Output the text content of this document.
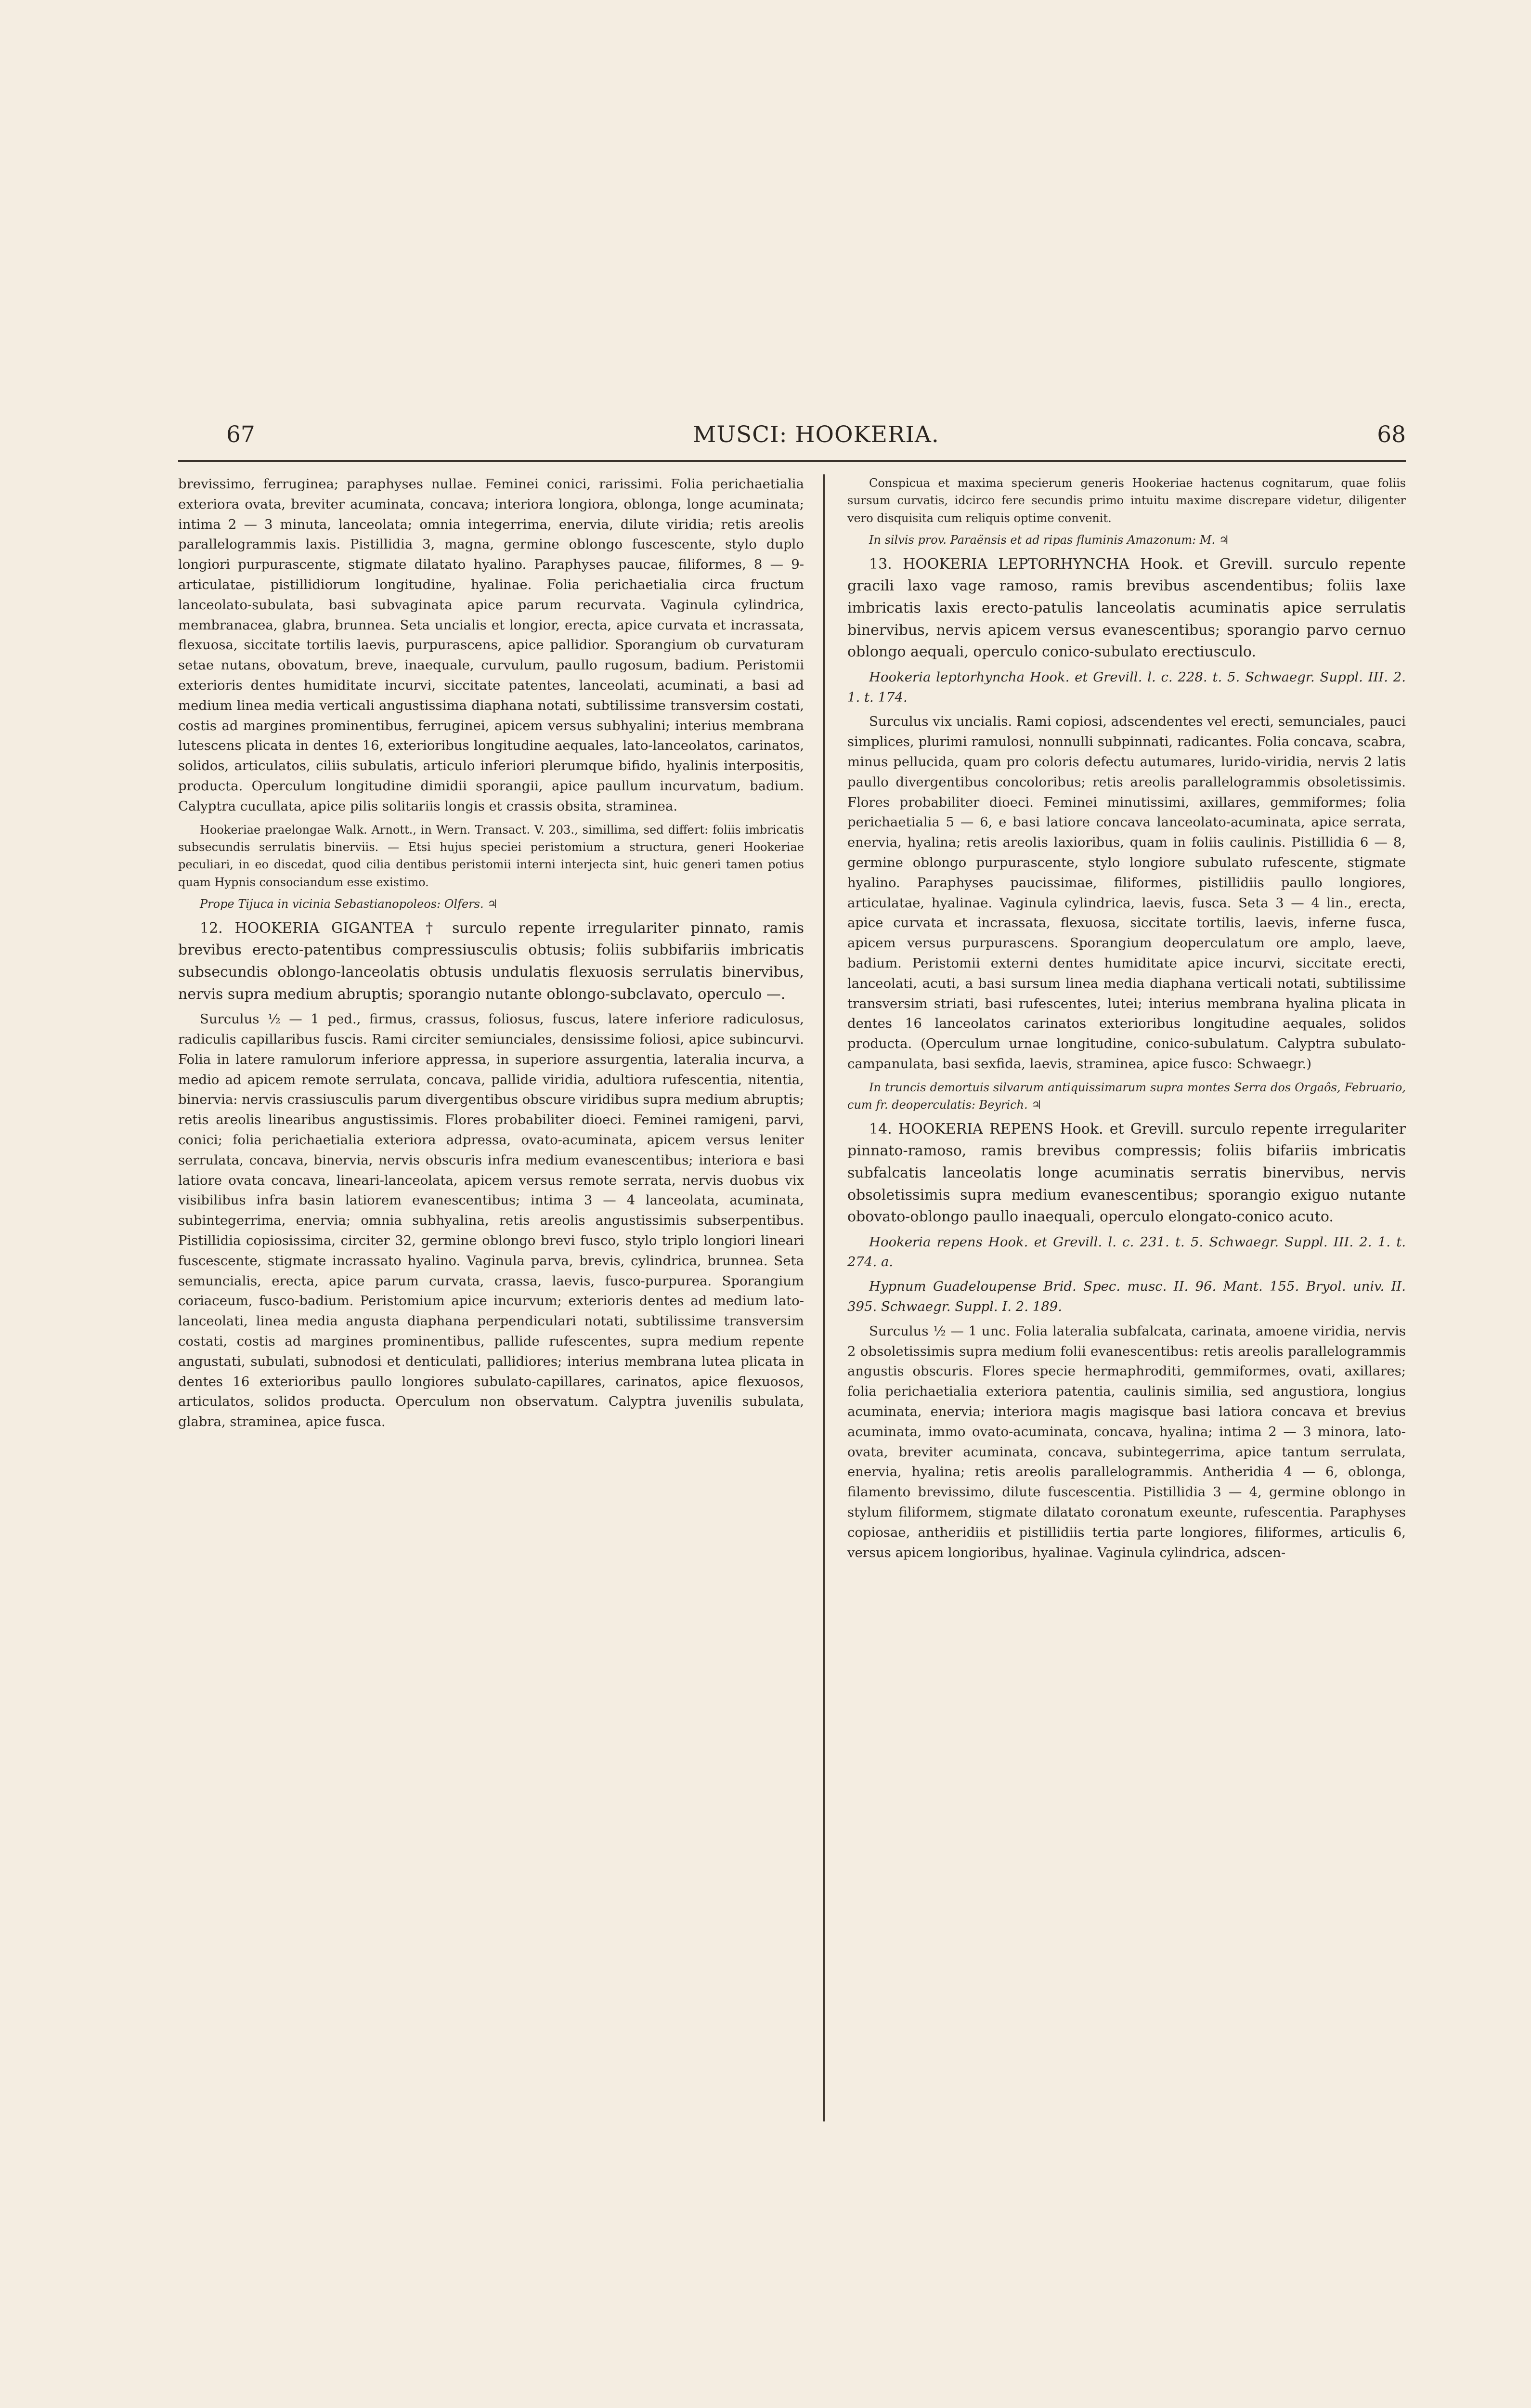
67	MUSCI: HOOKERIA.	68

brevissimo, ferruginea; paraphyses nullae. Feminei conici, rarissimi. Folia perichaetialia exteriora ovata, breviter acuminata, concava; interiora longiora, oblonga, longe acuminata; intima 2 — 3 minuta, lanceolata; omnia integerrima, enervia, dilute viridia; retis areolis parallelogrammis laxis. Pistillidia 3, magna, germine oblongo fuscescente, stylo duplo longiori purpurascente, stigmate dilatato hyalino. Paraphyses paucae, filiformes, 8 — 9-articulatae, pistillidiorum longitudine, hyalinae. Folia perichaetialia circa fructum lanceolato-subulata, basi subvaginata apice parum recurvata. Vaginula cylindrica, membranacea, glabra, brunnea. Seta uncialis et longior, erecta, apice curvata et incrassata, flexuosa, siccitate tortilis laevis, purpurascens, apice pallidior. Sporangium ob curvaturam setae nutans, obovatum, breve, inaequale, curvulum, paullo rugosum, badium. Peristomii exterioris dentes humiditate incurvi, siccitate patentes, lanceolati, acuminati, a basi ad medium linea media verticali angustissima diaphana notati, subtilissime transversim costati, costis ad margines prominentibus, ferruginei, apicem versus subhyalini; interius membrana lutescens plicata in dentes 16, exterioribus longitudine aequales, lato-lanceolatos, carinatos, solidos, articulatos, ciliis subulatis, articulo inferiori plerumque bifido, hyalinis interpositis, producta. Operculum longitudine dimidii sporangii, apice paullum incurvatum, badium. Calyptra cucullata, apice pilis solitariis longis et crassis obsita, straminea.

Hookeriae praelongae Walk. Arnott., in Wern. Transact. V. 203., simillima, sed differt: foliis imbricatis subsecundis serrulatis binerviis. — Etsi hujus speciei peristomium a structura, generi Hookeriae peculiari, in eo discedat, quod cilia dentibus peristomii interni interjecta sint, huic generi tamen potius quam Hypnis consociandum esse existimo.

Prope Tijuca in vicinia Sebastianopoleos: Olfers. ♃

12. HOOKERIA GIGANTEA † surculo repente irregulariter pinnato, ramis brevibus erecto-patentibus compressiusculis obtusis; foliis subbifariis imbricatis subsecundis oblongo-lanceolatis obtusis undulatis flexuosis serrulatis binervibus, nervis supra medium abruptis; sporangio nutante oblongo-subclavato, operculo —.

Surculus ½ — 1 ped., firmus, crassus, foliosus, fuscus, latere inferiore radiculosus, radiculis capillaribus fuscis. Rami circiter semiunciales, densissime foliosi, apice subincurvi. Folia in latere ramulorum inferiore appressa, in superiore assurgentia, lateralia incurva, a medio ad apicem remote serrulata, concava, pallide viridia, adultiora rufescentia, nitentia, binervia: nervis crassiusculis parum divergentibus obscure viridibus supra medium abruptis; retis areolis linearibus angustissimis. Flores probabiliter dioeci. Feminei ramigeni, parvi, conici; folia perichaetialia exteriora adpressa, ovato-acuminata, apicem versus leniter serrulata, concava, binervia, nervis obscuris infra medium evanescentibus; interiora e basi latiore ovata concava, lineari-lanceolata, apicem versus remote serrata, nervis duobus vix visibilibus infra basin latiorem evanescentibus; intima 3 — 4 lanceolata, acuminata, subintegerrima, enervia; omnia subhyalina, retis areolis angustissimis subserpentibus. Pistillidia copiosissima, circiter 32, germine oblongo brevi fusco, stylo triplo longiori lineari fuscescente, stigmate incrassato hyalino. Vaginula parva, brevis, cylindrica, brunnea. Seta semuncialis, erecta, apice parum curvata, crassa, laevis, fusco-purpurea. Sporangium coriaceum, fusco-badium. Peristomium apice incurvum; exterioris dentes ad medium lato-lanceolati, linea media angusta diaphana perpendiculari notati, subtilissime transversim costati, costis ad margines prominentibus, pallide rufescentes, supra medium repente angustati, subulati, subnodosi et denticulati, pallidiores; interius membrana lutea plicata in dentes 16 exterioribus paullo longiores subulato-capillares, carinatos, apice flexuosos, articulatos, solidos producta. Operculum non observatum. Calyptra juvenilis subulata, glabra, straminea, apice fusca.

Conspicua et maxima specierum generis Hookeriae hactenus cognitarum, quae foliis sursum curvatis, idcirco fere secundis primo intuitu maxime discrepare videtur, diligenter vero disquisita cum reliquis optime convenit.

In silvis prov. Paraënsis et ad ripas fluminis Amazonum: M. ♃

13. HOOKERIA LEPTORHYNCHA Hook. et Grevill. surculo repente gracili laxo vage ramoso, ramis brevibus ascendentibus; foliis laxe imbricatis laxis erecto-patulis lanceolatis acuminatis apice serrulatis binervibus, nervis apicem versus evanescentibus; sporangio parvo cernuo oblongo aequali, operculo conico-subulato erectiusculo.

Hookeria leptorhyncha Hook. et Grevill. l. c. 228. t. 5. Schwaegr. Suppl. III. 2. 1. t. 174.

Surculus vix uncialis. Rami copiosi, adscendentes vel erecti, semunciales, pauci simplices, plurimi ramulosi, nonnulli subpinnati, radicantes. Folia concava, scabra, minus pellucida, quam pro coloris defectu autumares, lurido-viridia, nervis 2 latis paullo divergentibus concoloribus; retis areolis parallelogrammis obsoletissimis. Flores probabiliter dioeci. Feminei minutissimi, axillares, gemmiformes; folia perichaetialia 5 — 6, e basi latiore concava lanceolato-acuminata, apice serrata, enervia, hyalina; retis areolis laxioribus, quam in foliis caulinis. Pistillidia 6 — 8, germine oblongo purpurascente, stylo longiore subulato rufescente, stigmate hyalino. Paraphyses paucissimae, filiformes, pistillidiis paullo longiores, articulatae, hyalinae. Vaginula cylindrica, laevis, fusca. Seta 3 — 4 lin., erecta, apice curvata et incrassata, flexuosa, siccitate tortilis, laevis, inferne fusca, apicem versus purpurascens. Sporangium deoperculatum ore amplo, laeve, badium. Peristomii externi dentes humiditate apice incurvi, siccitate erecti, lanceolati, acuti, a basi sursum linea media diaphana verticali notati, subtilissime transversim striati, basi rufescentes, lutei; interius membrana hyalina plicata in dentes 16 lanceolatos carinatos exterioribus longitudine aequales, solidos producta. (Operculum urnae longitudine, conico-subulatum. Calyptra subulato-campanulata, basi sexfida, laevis, straminea, apice fusco: Schwaegr.)

In truncis demortuis silvarum antiquissimarum supra montes Serra dos Orgaôs, Februario, cum fr. deoperculatis: Beyrich. ♃

14. HOOKERIA REPENS Hook. et Grevill. surculo repente irregulariter pinnato-ramoso, ramis brevibus compressis; foliis bifariis imbricatis subfalcatis lanceolatis longe acuminatis serratis binervibus, nervis obsoletissimis supra medium evanescentibus; sporangio exiguo nutante obovato-oblongo paullo inaequali, operculo elongato-conico acuto.

Hookeria repens Hook. et Grevill. l. c. 231. t. 5. Schwaegr. Suppl. III. 2. 1. t. 274. a.

Hypnum Guadeloupense Brid. Spec. musc. II. 96. Mant. 155. Bryol. univ. II. 395. Schwaegr. Suppl. I. 2. 189.

Surculus ½ — 1 unc. Folia lateralia subfalcata, carinata, amoene viridia, nervis 2 obsoletissimis supra medium folii evanescentibus: retis areolis parallelogrammis angustis obscuris. Flores specie hermaphroditi, gemmiformes, ovati, axillares; folia perichaetialia exteriora patentia, caulinis similia, sed angustiora, longius acuminata, enervia; interiora magis magisque basi latiora concava et brevius acuminata, immo ovato-acuminata, concava, hyalina; intima 2 — 3 minora, lato-ovata, breviter acuminata, concava, subintegerrima, apice tantum serrulata, enervia, hyalina; retis areolis parallelogrammis. Antheridia 4 — 6, oblonga, filamento brevissimo, dilute fuscescentia. Pistillidia 3 — 4, germine oblongo in stylum filiformem, stigmate dilatato coronatum exeunte, rufescentia. Paraphyses copiosae, antheridiis et pistillidiis tertia parte longiores, filiformes, articulis 6, versus apicem longioribus, hyalinae. Vaginula cylindrica, adscen-
